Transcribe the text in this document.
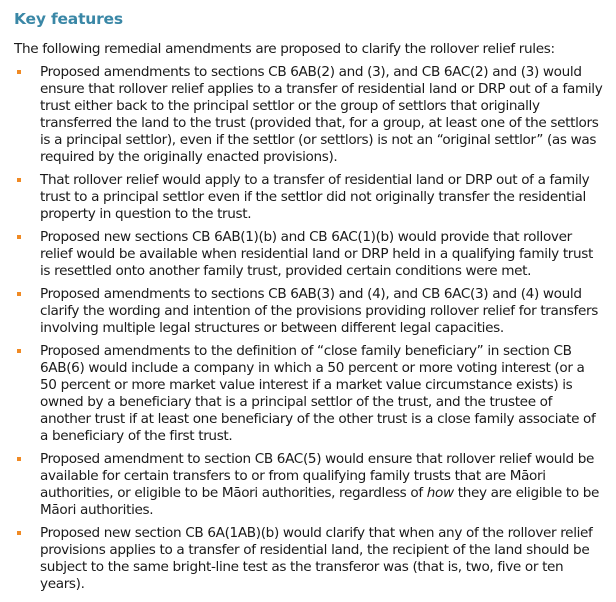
Key features

The following remedial amendments are proposed to clarify the rollover relief rules:

Proposed amendments to sections CB 6AB(2) and (3), and CB 6AC(2) and (3) would ensure that rollover relief applies to a transfer of residential land or DRP out of a family trust either back to the principal settlor or the group of settlors that originally transferred the land to the trust (provided that, for a group, at least one of the settlors is a principal settlor), even if the settlor (or settlors) is not an “original settlor” (as was required by the originally enacted provisions).
That rollover relief would apply to a transfer of residential land or DRP out of a family trust to a principal settlor even if the settlor did not originally transfer the residential property in question to the trust.
Proposed new sections CB 6AB(1)(b) and CB 6AC(1)(b) would provide that rollover relief would be available when residential land or DRP held in a qualifying family trust is resettled onto another family trust, provided certain conditions were met.
Proposed amendments to sections CB 6AB(3) and (4), and CB 6AC(3) and (4) would clarify the wording and intention of the provisions providing rollover relief for transfers involving multiple legal structures or between different legal capacities.
Proposed amendments to the definition of “close family beneficiary” in section CB 6AB(6) would include a company in which a 50 percent or more voting interest (or a 50 percent or more market value interest if a market value circumstance exists) is owned by a beneficiary that is a principal settlor of the trust, and the trustee of another trust if at least one beneficiary of the other trust is a close family associate of a beneficiary of the first trust.
Proposed amendment to section CB 6AC(5) would ensure that rollover relief would be available for certain transfers to or from qualifying family trusts that are Māori authorities, or eligible to be Māori authorities, regardless of how they are eligible to be Māori authorities.
Proposed new section CB 6A(1AB)(b) would clarify that when any of the rollover relief provisions applies to a transfer of residential land, the recipient of the land should be subject to the same bright-line test as the transferor was (that is, two, five or ten years).
